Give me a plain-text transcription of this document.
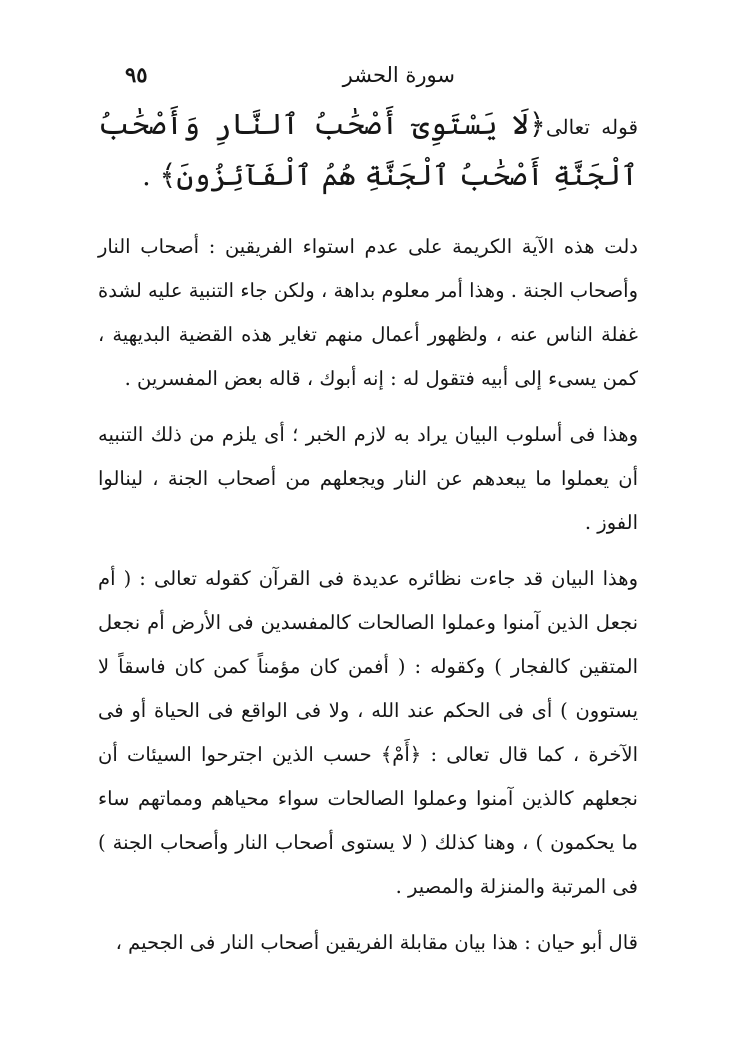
سورة الحشر
٩٥

قوله تعالى﴿لَا يَسْتَوِىٓ أَصْحَٰبُ ٱلنَّارِ وَأَصْحَٰبُ ٱلْجَنَّةِ أَصْحَٰبُ ٱلْجَنَّةِ هُمُ ٱلْفَآئِزُونَ﴾ .

دلت هذه الآية الكريمة على عدم استواء الفريقين : أصحاب النار وأصحاب الجنة . وهذا أمر معلوم بداهة ، ولكن جاء التنبية عليه لشدة غفلة الناس عنه ، ولظهور أعمال منهم تغاير هذه القضية البديهية ، كمن يسىء إلى أبيه فتقول له : إنه أبوك ، قاله بعض المفسرين .

وهذا فى أسلوب البيان يراد به لازم الخبر ؛ أى يلزم من ذلك التنبيه أن يعملوا ما يبعدهم عن النار ويجعلهم من أصحاب الجنة ، لينالوا الفوز .

وهذا البيان قد جاءت نظائره عديدة فى القرآن كقوله تعالى : ( أم نجعل الذين آمنوا وعملوا الصالحات كالمفسدين فى الأرض أم نجعل المتقين كالفجار ) وكقوله : ( أفمن كان مؤمناً كمن كان فاسقاً لا يستوون ) أى فى الحكم عند الله ، ولا فى الواقع فى الحياة أو فى الآخرة ، كما قال تعالى : ﴿أَمْ﴾ حسب الذين اجترحوا السيئات أن نجعلهم كالذين آمنوا وعملوا الصالحات سواء محياهم ومماتهم ساء ما يحكمون ) ، وهنا كذلك ( لا يستوى أصحاب النار وأصحاب الجنة ) فى المرتبة والمنزلة والمصير .

قال أبو حيان : هذا بيان مقابلة الفريقين أصحاب النار فى الجحيم ،
